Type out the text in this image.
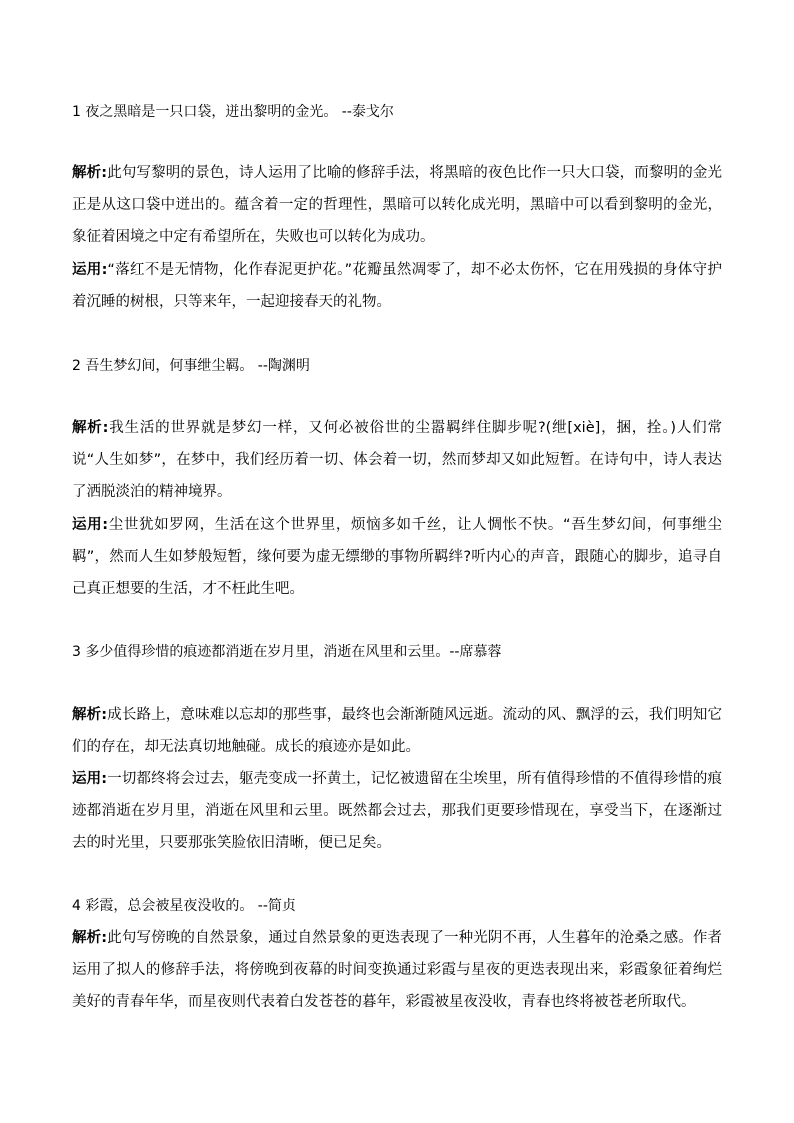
1 夜之黑暗是一只口袋，迸出黎明的金光。 --泰戈尔

解析:此句写黎明的景色，诗人运用了比喻的修辞手法，将黑暗的夜色比作一只大口袋，而黎明的金光正是从这口袋中迸出的。蕴含着一定的哲理性，黑暗可以转化成光明，黑暗中可以看到黎明的金光，象征着困境之中定有希望所在，失败也可以转化为成功。

运用:“落红不是无情物，化作春泥更护花。”花瓣虽然凋零了，却不必太伤怀，它在用残损的身体守护着沉睡的树根，只等来年，一起迎接春天的礼物。

2 吾生梦幻间，何事绁尘羁。 --陶渊明

解析:我生活的世界就是梦幻一样，又何必被俗世的尘嚣羁绊住脚步呢?(绁[xiè]，捆，拴。)人们常说“人生如梦”，在梦中，我们经历着一切、体会着一切，然而梦却又如此短暂。在诗句中，诗人表达了洒脱淡泊的精神境界。

运用:尘世犹如罗网，生活在这个世界里，烦恼多如千丝，让人惆怅不快。“吾生梦幻间，何事绁尘羁”，然而人生如梦般短暂，缘何要为虚无缥缈的事物所羁绊?听内心的声音，跟随心的脚步，追寻自己真正想要的生活，才不枉此生吧。

3 多少值得珍惜的痕迹都消逝在岁月里，消逝在风里和云里。--席慕蓉

解析:成长路上，意味难以忘却的那些事，最终也会渐渐随风远逝。流动的风、飘浮的云，我们明知它们的存在，却无法真切地触碰。成长的痕迹亦是如此。

运用:一切都终将会过去，躯壳变成一抔黄土，记忆被遗留在尘埃里，所有值得珍惜的不值得珍惜的痕迹都消逝在岁月里，消逝在风里和云里。既然都会过去，那我们更要珍惜现在，享受当下，在逐渐过去的时光里，只要那张笑脸依旧清晰，便已足矣。

4 彩霞，总会被星夜没收的。 --简贞

解析:此句写傍晚的自然景象，通过自然景象的更迭表现了一种光阴不再，人生暮年的沧桑之感。作者运用了拟人的修辞手法，将傍晚到夜幕的时间变换通过彩霞与星夜的更迭表现出来，彩霞象征着绚烂美好的青春年华，而星夜则代表着白发苍苍的暮年，彩霞被星夜没收，青春也终将被苍老所取代。
